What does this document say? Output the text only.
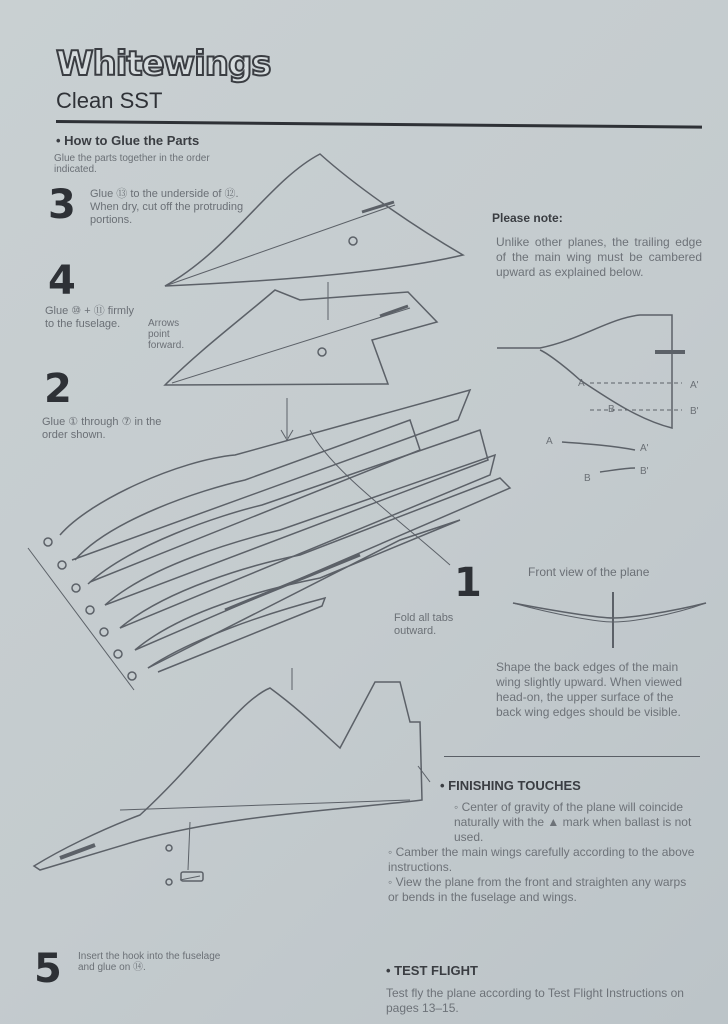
Whitewings
Clean SST
• How to Glue the Parts
Glue the parts together in the order indicated.
3 Glue ⑬ to the underside of ⑫. When dry, cut off the protruding portions.
4
Glue ⑩ + ⑪ firmly to the fuselage.	Arrows point forward.
2
Glue ① through ⑦ in the order shown.
1
Fold all tabs outward.
5 Insert the hook into the fuselage and glue on ⑭.
Please note:
Unlike other planes, the trailing edge of the main wing must be cambered upward as explained below.
A	A'
B	B'
A
A'
B
B'
Front view of the plane
Shape the back edges of the main wing slightly upward. When viewed head-on, the upper surface of the back wing edges should be visible.
• FINISHING TOUCHES
◦ Center of gravity of the plane will coincide naturally with the ▲ mark when ballast is not used.
◦ Camber the main wings carefully according to the above instructions.
◦ View the plane from the front and straighten any warps or bends in the fuselage and wings.
• TEST FLIGHT
Test fly the plane according to Test Flight Instructions on pages 13–15.
